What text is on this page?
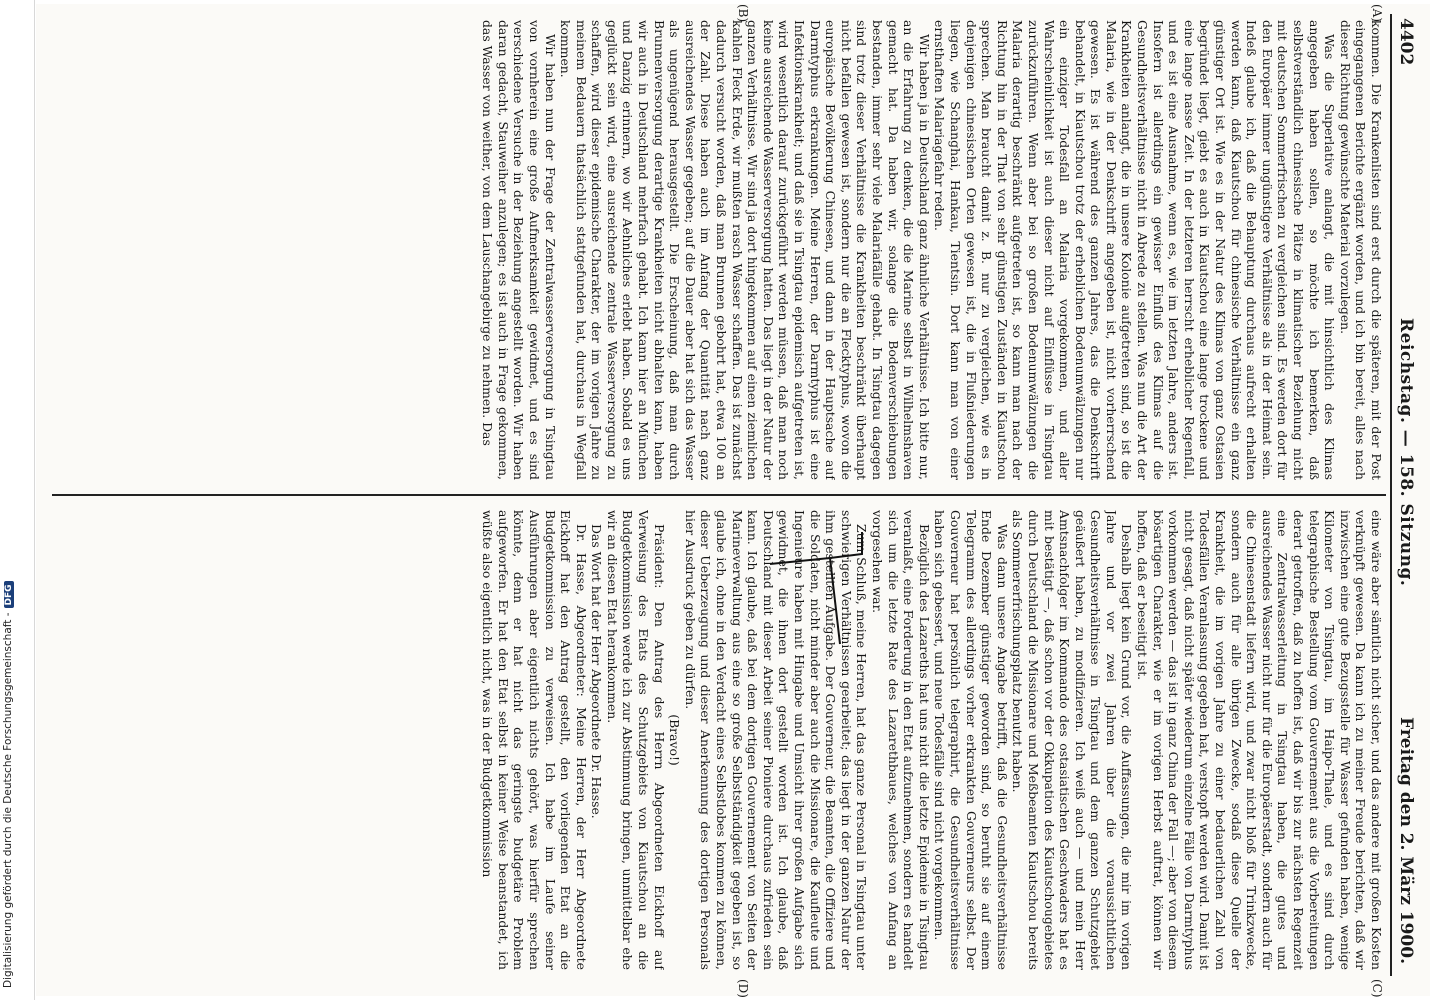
Digitalisierung gefördert durch die Deutsche Forschungsgemeinschaft -DFG
4402
Reichstag. — 158. Sitzung.
Freitag den 2. März 1900.
(A)
(B)
(C)
(D)

kommen. Die Krankenlisten sind erst durch die späteren, mit der Post eingegangenen Berichte ergänzt worden, und ich bin bereit, alles nach dieser Richtung gewünschte Material vorzulegen.

Was die Superlative anlangt, die mit hinsichtlich des Klimas angegeben haben sollen, so möchte ich bemerken, daß selbstverständlich chinesische Plätze in klimatischer Beziehung nicht mit deutschen Sommerfrischen zu vergleichen sind. Es werden dort für den Europäer immer ungünstigere Verhältnisse als in der Heimat sein. Indeß glaube ich, daß die Behauptung durchaus aufrecht erhalten werden kann, daß Kiautschou für chinesische Verhältnisse ein ganz günstiger Ort ist. Wie es in der Natur des Klimas von ganz Ostasien begründet liegt, giebt es auch in Kiautschou eine lange trockene und eine lange nasse Zeit. In der letzteren herrscht erheblicher Regenfall, und es ist eine Ausnahme, wenn es, wie im letzten Jahre, anders ist. Insofern ist allerdings ein gewisser Einfluß des Klimas auf die Gesundheitsverhältnisse nicht in Abrede zu stellen. Was nun die Art der Krankheiten anlangt, die in unsere Kolonie aufgetreten sind, so ist die Malaria, wie in der Denkschrift angegeben ist, nicht vorherrschend gewesen. Es ist während des ganzen Jahres, das die Denkschrift behandelt, in Kiautschou trotz der erheblichen Bodenumwälzungen nur ein einziger Todesfall an Malaria vorgekommen, und aller Wahrscheinlichkeit ist auch dieser nicht auf Einflüsse in Tsingtau zurückzuführen. Wenn aber bei so großen Bodenumwälzungen die Malaria derartig beschränkt aufgetreten ist, so kann man nach der Richtung hin in der That von sehr günstigen Zuständen in Kiautschou sprechen. Man braucht damit z. B. nur zu vergleichen, wie es in denjenigen chinesischen Orten gewesen ist, die in Flußniederungen liegen, wie Schanghai, Hankau, Tientsin. Dort kann man von einer ernsthaften Malariagefahr reden.

Wir haben ja in Deutschland ganz ähnliche Verhältnisse. Ich bitte nur, an die Erfahrung zu denken, die die Marine selbst in Wilhelmshaven gemacht hat. Da haben wir, solange die Bodenverschiebungen bestanden, immer sehr viele Malariafälle gehabt. In Tsingtau dagegen sind trotz dieser Verhältnisse die Krankheiten beschränkt überhaupt nicht befallen gewesen ist, sondern nur die an Flecktyphus, wovon die europäische Bevölkerung Chinesen, und dann in der Hauptsache auf Darmtyphus erkrankungen. Meine Herren, der Darmtyphus ist eine Infektionskrankheit; und daß sie in Tsingtau epidemisch aufgetreten ist, wird wesentlich darauf zurückgeführt werden müssen, daß man noch keine ausreichende Wasserversorgung hatten. Das liegt in der Natur der ganzen Verhältnisse. Wir sind ja dort hingekommen auf einen ziemlichen kahlen Fleck Erde, wir mußten rasch Wasser schaffen. Das ist zunächst dadurch versucht worden, daß man Brunnen gebohrt hat, etwa 100 an der Zahl. Diese haben auch im Anfang der Quantität nach ganz ausreichendes Wasser gegeben; auf die Dauer aber hat sich das Wasser als ungenügend herausgestellt. Die Erscheinung, daß man durch Brunnenversorgung derartige Krankheiten nicht abhalten kann, haben wir auch in Deutschland mehrfach gehabt. Ich kann hier an München und Danzig erinnern, wo wir Aehnliches erlebt haben. Sobald es uns geglückt sein wird, eine ausreichende zentrale Wasserversorgung zu schaffen, wird dieser epidemische Charakter, der im vorigen Jahre zu meinem Bedauern thatsächlich stattgefunden hat, durchaus in Wegfall kommen.

Wir haben nun der Frage der Zentralwasserversorgung in Tsingtau von vornherein eine große Aufmerksamkeit gewidmet, und es sind verschiedene Versuche in der Beziehung angestellt worden. Wir haben daran gedacht, Stauweiher anzulegen; es ist auch in Frage gekommen, das Wasser von weither, von dem Lauschangebirge zu nehmen. Das

eine wäre aber sämtlich nicht sicher, und das andere mit großen Kosten verknüpft gewesen. Da kann ich zu meiner Freude berichten, daß wir inzwischen eine gute Bezugsstelle für Wasser gefunden haben, wenige Kilometer von Tsingtau, im Haipo-Thale, und es sind durch telegraphische Bestellung vom Gouvernement aus die Vorbereitungen derart getroffen, daß zu hoffen ist, daß wir bis zur nächsten Regenzeit eine Zentralwasserleitung in Tsingtau haben, die gutes und ausreichendes Wasser nicht nur für die Europäerstadt, sondern auch für die Chinesenstadt liefern wird, und zwar nicht bloß für Trinkzwecke, sondern auch für alle übrigen Zwecke, sodaß diese Quelle der Krankheit, die im vorigen Jahre zu einer bedauerlichen Zahl von Todesfällen Veranlassung gegeben hat, verstopft werden wird. Damit ist nicht gesagt, daß nicht später wiederum einzelne Fälle von Darmtyphus vorkommen werden — das ist in ganz China der Fall —; aber von diesem bösartigen Charakter, wie er im vorigen Herbst auftrat, können wir hoffen, daß er beseitigt ist.

Deshalb liegt kein Grund vor, die Auffassungen, die mir im vorigen Jahre und vor zwei Jahren über die voraussichtlichen Gesundheitsverhältnisse in Tsingtau und dem ganzen Schutzgebiet geäußert haben, zu modifizieren. Ich weiß auch — und mein Herr Amtsnachfolger im Kommando des ostasiatischen Geschwaders hat es mit bestätigt —, daß schon vor der Okkupation des Kiautschougebietes durch Deutschland die Missionare und Meßbeamten Kiautschou bereits als Sommererfrischungsplatz benutzt haben.

Was dann unsere Angabe betrifft, daß die Gesundheitsverhältnisse Ende Dezember günstiger geworden sind, so beruht sie auf einem Telegramm des allerdings vorher erkrankten Gouverneurs selbst. Der Gouverneur hat persönlich telegraphirt, die Gesundheitsverhältnisse haben sich gebessert, und neue Todesfälle sind nicht vorgekommen.

Bezüglich des Lazareths hat uns nicht die letzte Epidemie in Tsingtau veranlaßt, eine Forderung in den Etat aufzunehmen, sondern es handelt sich um die letzte Rate des Lazarethbaues, welches von Anfang an vorgesehen war.

Zum Schluß, meine Herren, hat das ganze Personal in Tsingtau unter schwierigen Verhältnissen gearbeitet; das liegt in der ganzen Natur der ihm gestellten Aufgabe. Der Gouverneur, die Beamten, die Offiziere und die Soldaten, nicht minder aber auch die Missionare, die Kaufleute und Ingenieure haben mit Hingabe und Umsicht ihrer großen Aufgabe sich gewidmet, die ihnen dort gestellt worden ist. Ich glaube, daß Deutschland mit dieser Arbeit seiner Pioniere durchaus zufrieden sein kann. Ich glaube, daß bei dem dortigen Gouvernement von Seiten der Marineverwaltung aus eine so große Selbstständigkeit gegeben ist, so glaube ich, ohne in den Verdacht eines Selbstlobes kommen zu können, dieser Ueberzeugung und dieser Anerkennung des dortigen Personals hier Ausdruck geben zu dürfen.

(Bravo!)

Präsident: Den Antrag des Herrn Abgeordneten Eickhoff auf Verweisung des Etats des Schutzgebiets von Kiautschou an die Budgetkommission werde ich zur Abstimmung bringen, unmittelbar ehe wir an diesen Etat herankommen.

Das Wort hat der Herr Abgeordnete Dr. Hasse.

Dr. Hasse, Abgeordneter: Meine Herren, der Herr Abgeordnete Eickhoff hat den Antrag gestellt, den vorliegenden Etat an die Budgetkommission zu verweisen. Ich habe im Laufe seiner Ausführungen aber eigentlich nichts gehört, was hierfür sprechen könnte, denn er hat nicht das geringste budgetäre Problem aufgeworfen. Er hat den Etat selbst in keiner Weise beanstandet, ich wüßte also eigentlich nicht, was in der Budgetkommission
